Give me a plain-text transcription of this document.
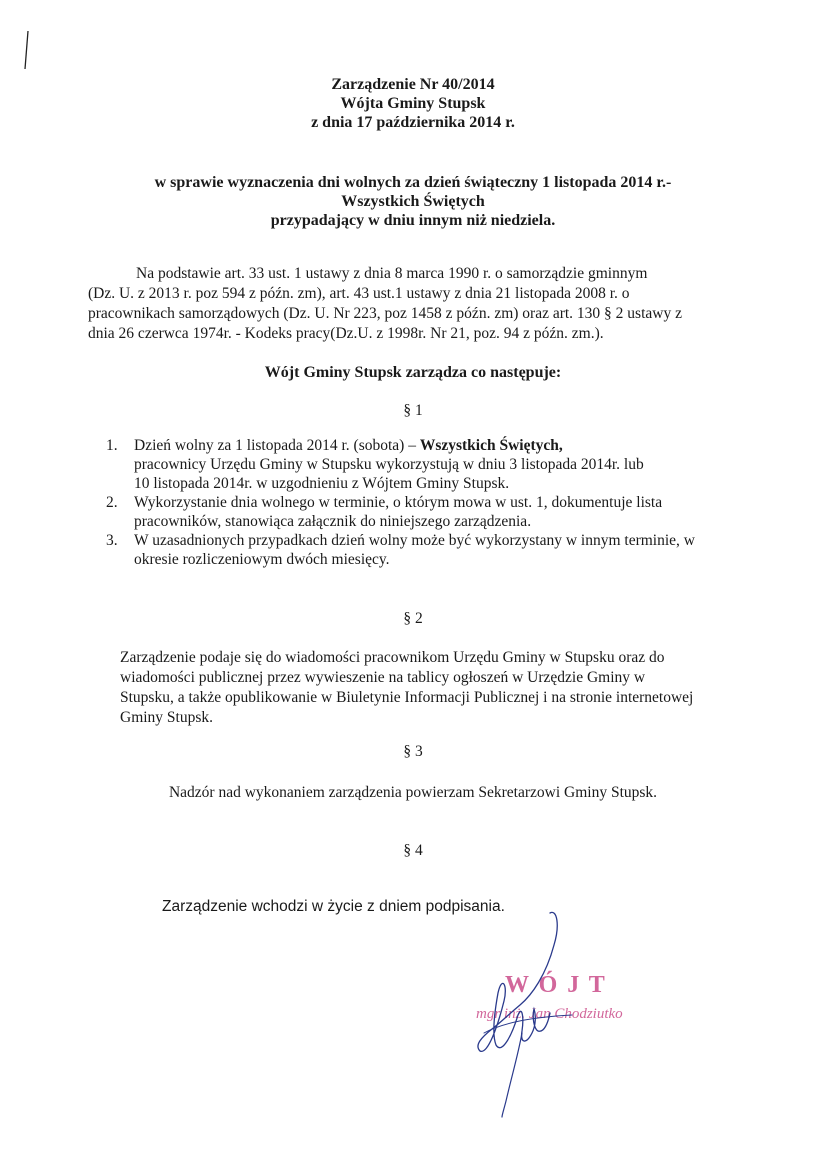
Zarządzenie Nr 40/2014
Wójta Gminy Stupsk
z dnia 17 października 2014 r.
w sprawie wyznaczenia dni wolnych za dzień świąteczny 1 listopada 2014 r.-
Wszystkich Świętych
przypadający w dniu innym niż niedziela.
Na podstawie art. 33 ust. 1 ustawy z dnia 8 marca 1990 r. o samorządzie gminnym
(Dz. U. z 2013 r. poz 594 z późn. zm), art. 43 ust.1 ustawy z dnia 21 listopada 2008 r. o
pracownikach samorządowych (Dz. U. Nr 223, poz 1458 z późn. zm) oraz art. 130 § 2 ustawy z
dnia 26 czerwca 1974r. - Kodeks pracy(Dz.U. z 1998r. Nr 21, poz. 94 z późn. zm.).
Wójt Gminy Stupsk zarządza co następuje:
§ 1
1.	Dzień wolny za 1 listopada 2014 r. (sobota) – Wszystkich Świętych,
pracownicy Urzędu Gminy w Stupsku wykorzystują w dniu 3 listopada 2014r. lub
10 listopada 2014r. w uzgodnieniu z Wójtem Gminy Stupsk.
2.	Wykorzystanie dnia wolnego w terminie, o którym mowa w ust. 1, dokumentuje lista
pracowników, stanowiąca załącznik do niniejszego zarządzenia.
3.	W uzasadnionych przypadkach dzień wolny może być wykorzystany w innym terminie, w
okresie rozliczeniowym dwóch miesięcy.
§ 2
Zarządzenie podaje się do wiadomości pracownikom Urzędu Gminy w Stupsku oraz do
wiadomości publicznej przez wywieszenie na tablicy ogłoszeń w Urzędzie Gminy w
Stupsku, a także opublikowanie w Biuletynie Informacji Publicznej i na stronie internetowej
Gminy Stupsk.
§ 3
Nadzór nad wykonaniem zarządzenia powierzam Sekretarzowi Gminy Stupsk.
§ 4
Zarządzenie wchodzi w życie z dniem podpisania.
W Ó J T
mgr inż. Jan Chodziutko
